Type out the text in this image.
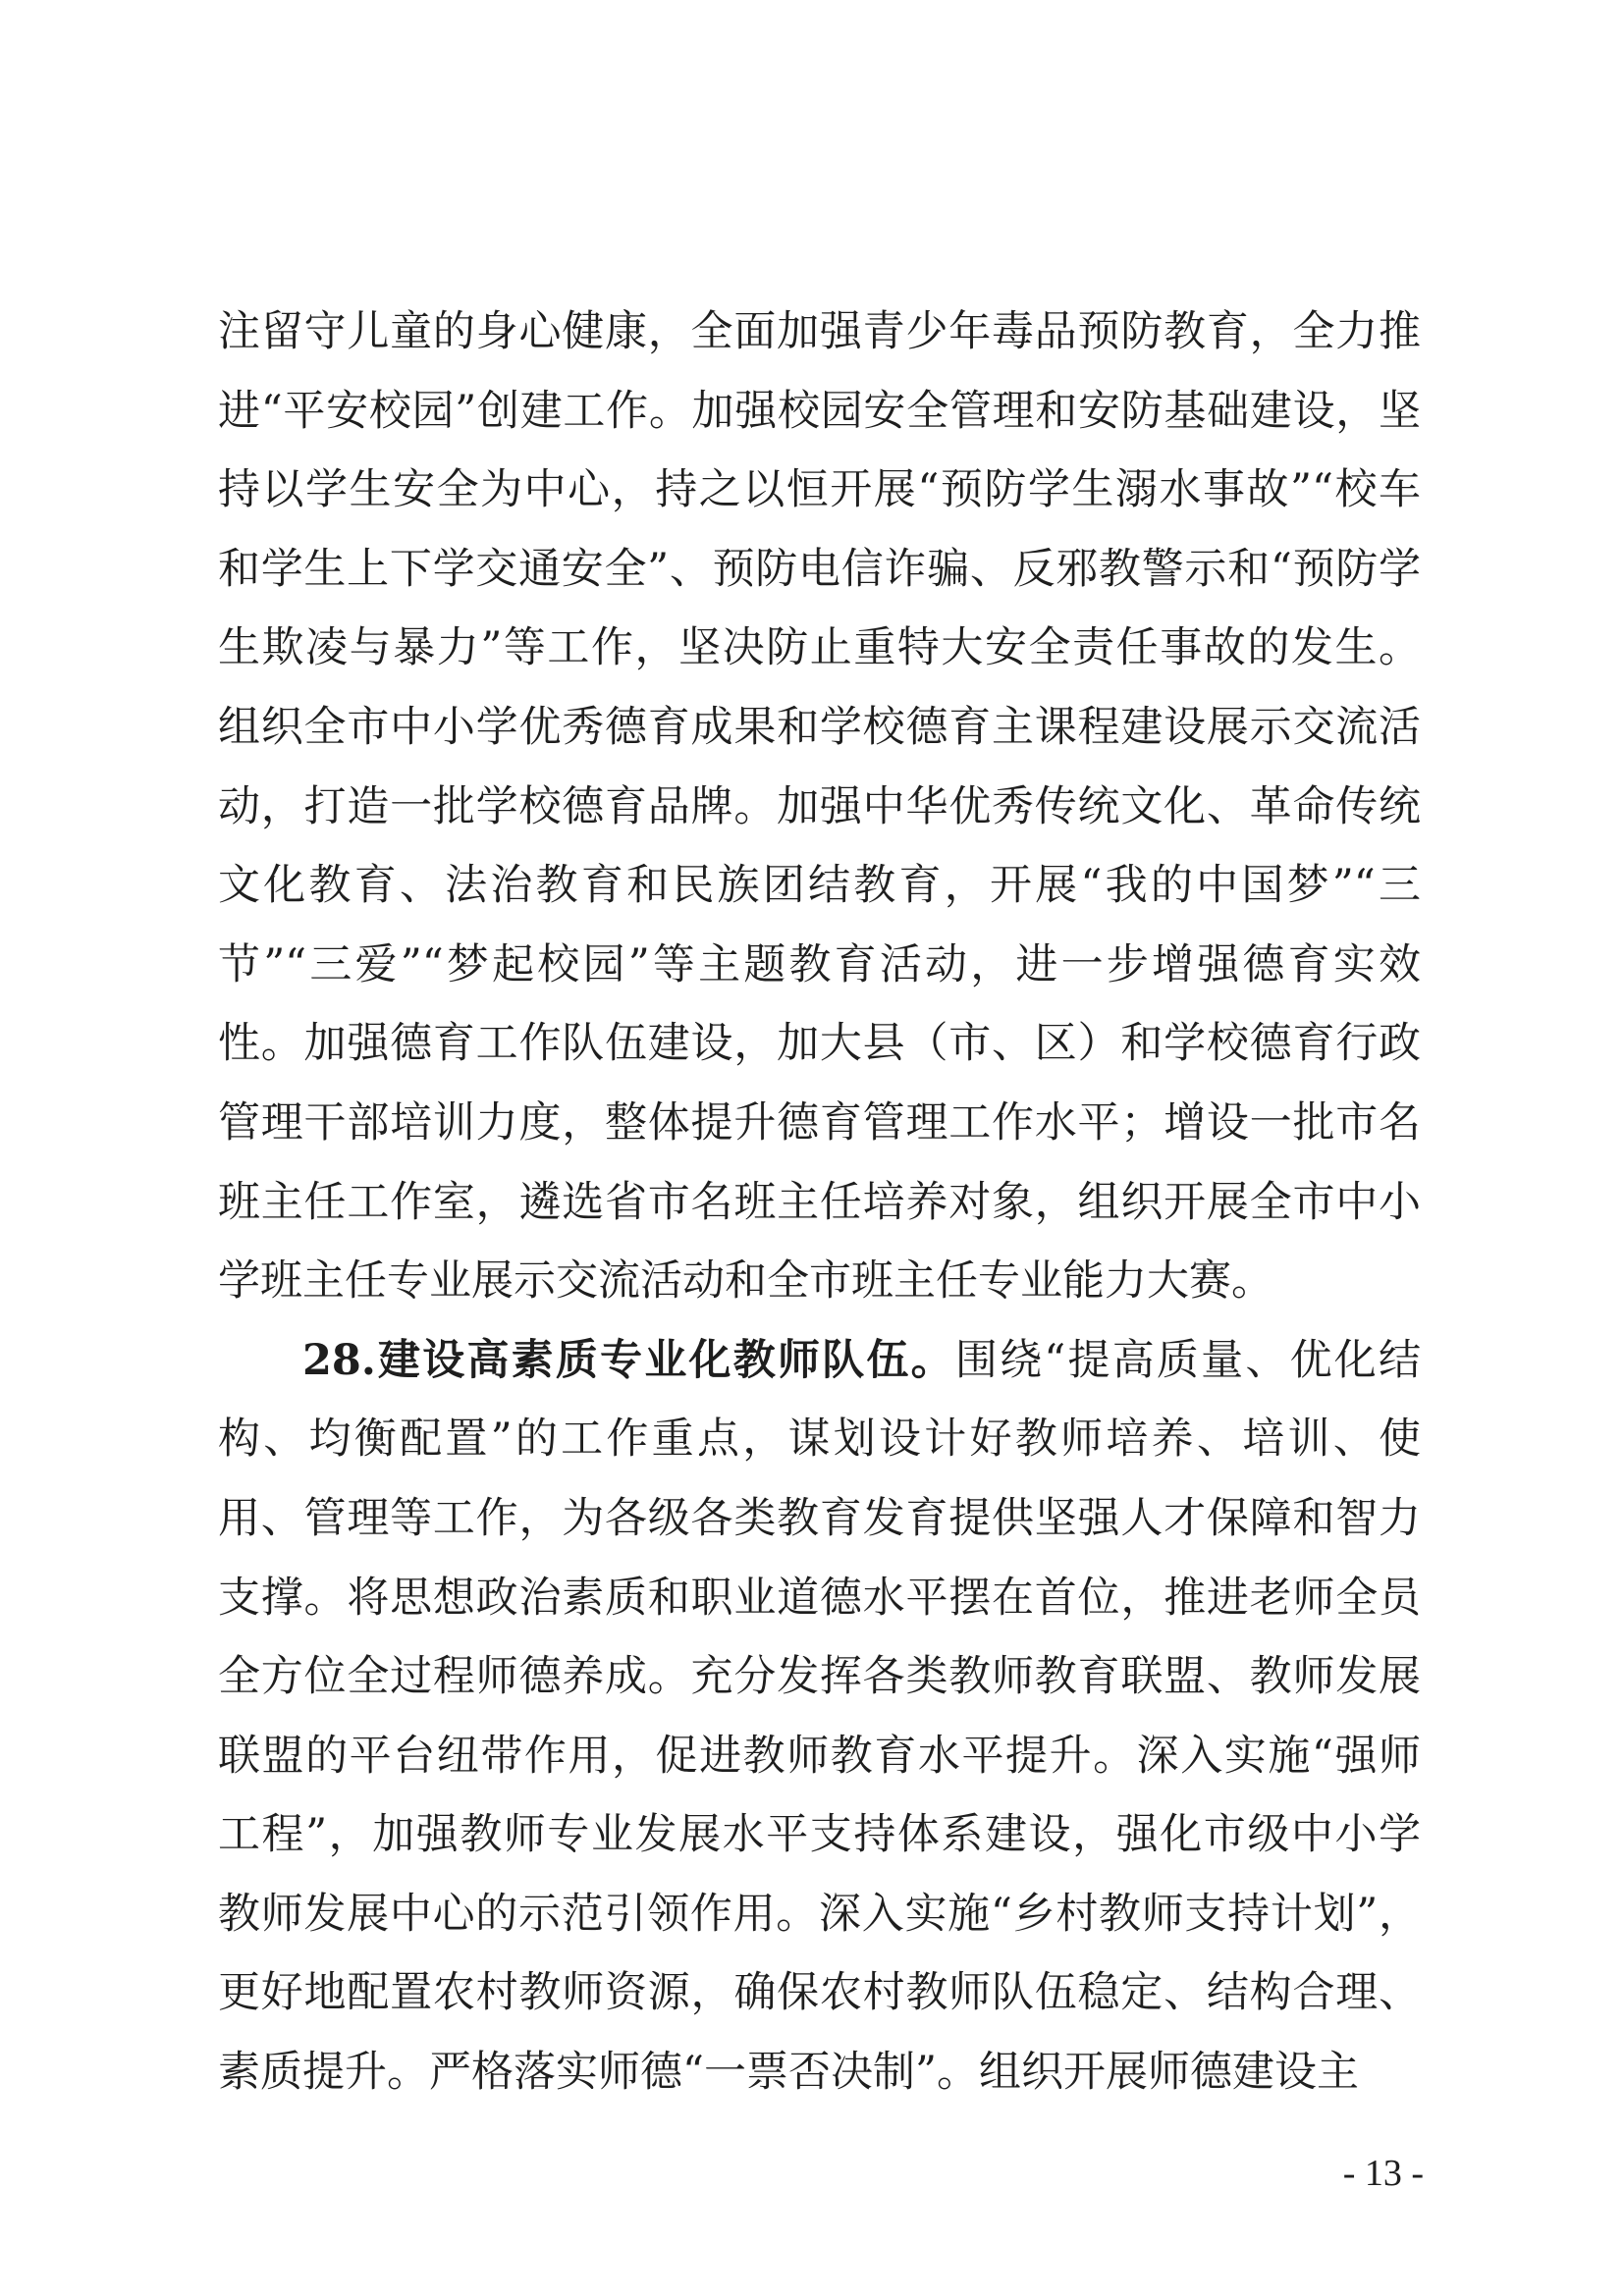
注留守儿童的身心健康，全面加强青少年毒品预防教育，全力推进“平安校园”创建工作。加强校园安全管理和安防基础建设，坚持以学生安全为中心，持之以恒开展“预防学生溺水事故”“校车和学生上下学交通安全”、预防电信诈骗、反邪教警示和“预防学生欺凌与暴力”等工作，坚决防止重特大安全责任事故的发生。组织全市中小学优秀德育成果和学校德育主课程建设展示交流活动，打造一批学校德育品牌。加强中华优秀传统文化、革命传统文化教育、法治教育和民族团结教育，开展“我的中国梦”“三节”“三爱”“梦起校园”等主题教育活动，进一步增强德育实效性。加强德育工作队伍建设，加大县（市、区）和学校德育行政管理干部培训力度，整体提升德育管理工作水平；增设一批市名班主任工作室，遴选省市名班主任培养对象，组织开展全市中小学班主任专业展示交流活动和全市班主任专业能力大赛。

28.建设高素质专业化教师队伍。围绕“提高质量、优化结构、均衡配置”的工作重点，谋划设计好教师培养、培训、使用、管理等工作，为各级各类教育发育提供坚强人才保障和智力支撑。将思想政治素质和职业道德水平摆在首位，推进老师全员全方位全过程师德养成。充分发挥各类教师教育联盟、教师发展联盟的平台纽带作用，促进教师教育水平提升。深入实施“强师工程”，加强教师专业发展水平支持体系建设，强化市级中小学教师发展中心的示范引领作用。深入实施“乡村教师支持计划”，更好地配置农村教师资源，确保农村教师队伍稳定、结构合理、素质提升。严格落实师德“一票否决制”。组织开展师德建设主

- 13 -
